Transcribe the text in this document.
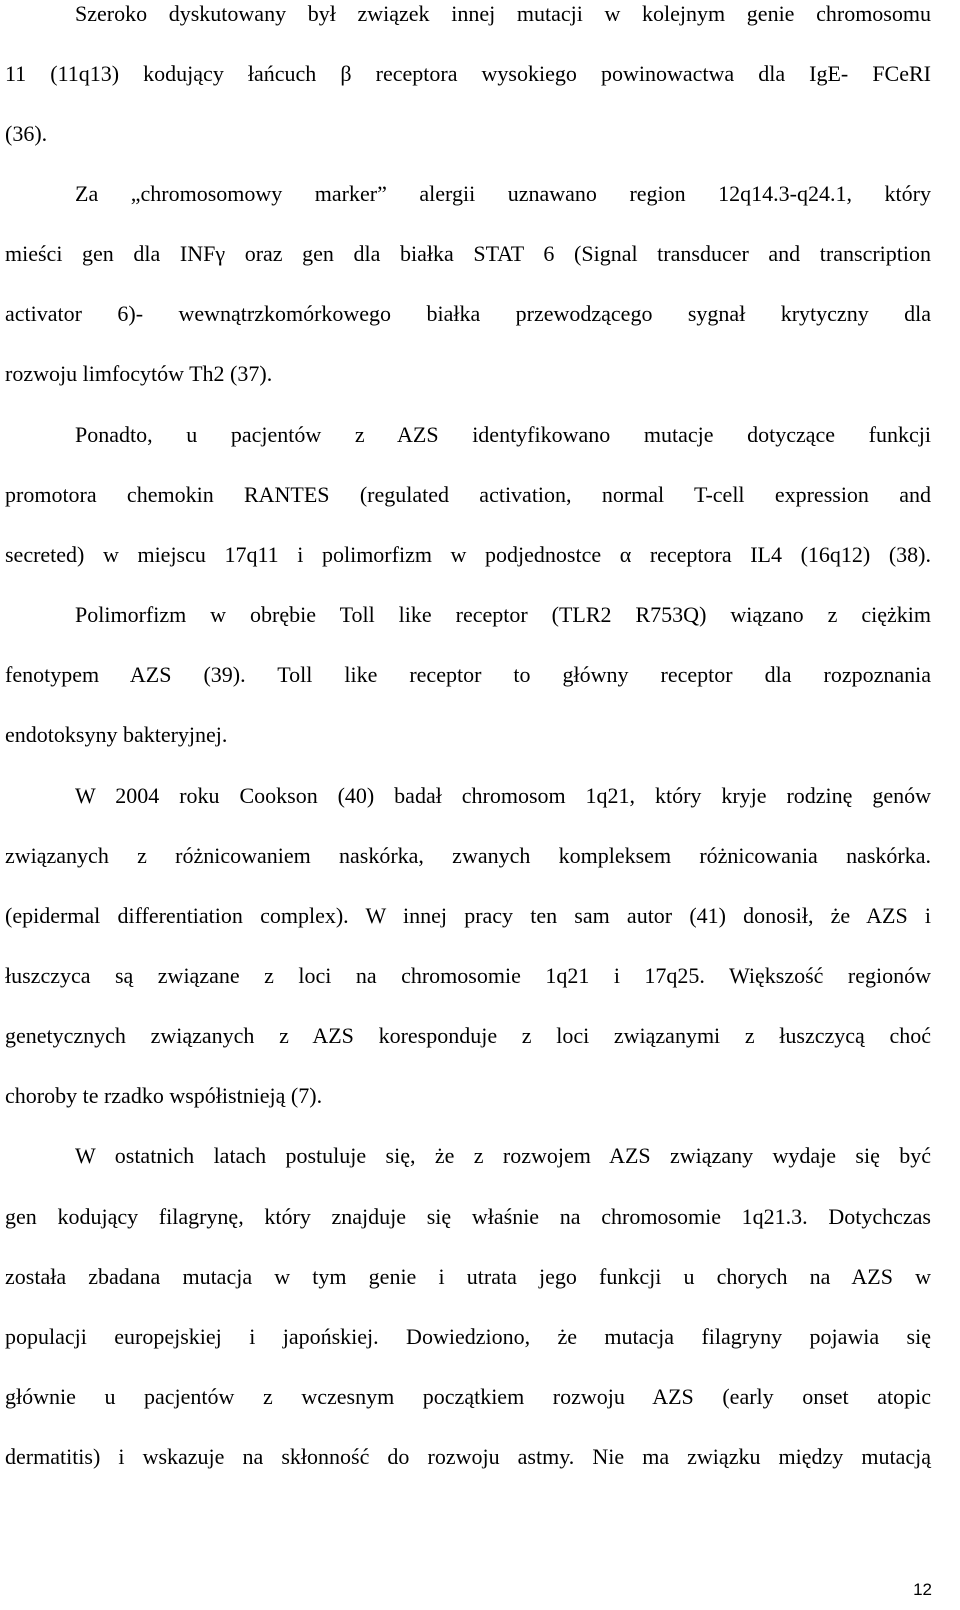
Szeroko dyskutowany był związek innej mutacji w kolejnym genie chromosomu
11 (11q13) kodujący łańcuch β receptora wysokiego powinowactwa dla IgE- FCeRI
(36).
Za „chromosomowy marker” alergii uznawano region 12q14.3-q24.1, który
mieści gen dla INFγ oraz gen dla białka STAT 6 (Signal transducer and transcription
activator 6)- wewnątrzkomórkowego białka przewodzącego sygnał krytyczny dla
rozwoju limfocytów Th2 (37).
Ponadto, u pacjentów z AZS identyfikowano mutacje dotyczące funkcji
promotora chemokin RANTES (regulated activation, normal T-cell expression and
secreted) w miejscu 17q11 i polimorfizm w podjednostce α receptora IL4 (16q12) (38).
Polimorfizm w obrębie Toll like receptor (TLR2 R753Q) wiązano z ciężkim
fenotypem AZS (39). Toll like receptor to główny receptor dla rozpoznania
endotoksyny bakteryjnej.
W 2004 roku Cookson (40) badał chromosom 1q21, który kryje rodzinę genów
związanych z różnicowaniem naskórka, zwanych kompleksem różnicowania naskórka.
(epidermal differentiation complex). W innej pracy ten sam autor (41) donosił, że AZS i
łuszczyca są związane z loci na chromosomie 1q21 i 17q25. Większość regionów
genetycznych związanych z AZS koresponduje z loci związanymi z łuszczycą choć
choroby te rzadko współistnieją (7).
W ostatnich latach postuluje się, że z rozwojem AZS związany wydaje się być
gen kodujący filagrynę, który znajduje się właśnie na chromosomie 1q21.3. Dotychczas
została zbadana mutacja w tym genie i utrata jego funkcji u chorych na AZS w
populacji europejskiej i japońskiej. Dowiedziono, że mutacja filagryny pojawia się
głównie u pacjentów z wczesnym początkiem rozwoju AZS (early onset atopic
dermatitis) i wskazuje na skłonność do rozwoju astmy. Nie ma związku między mutacją
12
